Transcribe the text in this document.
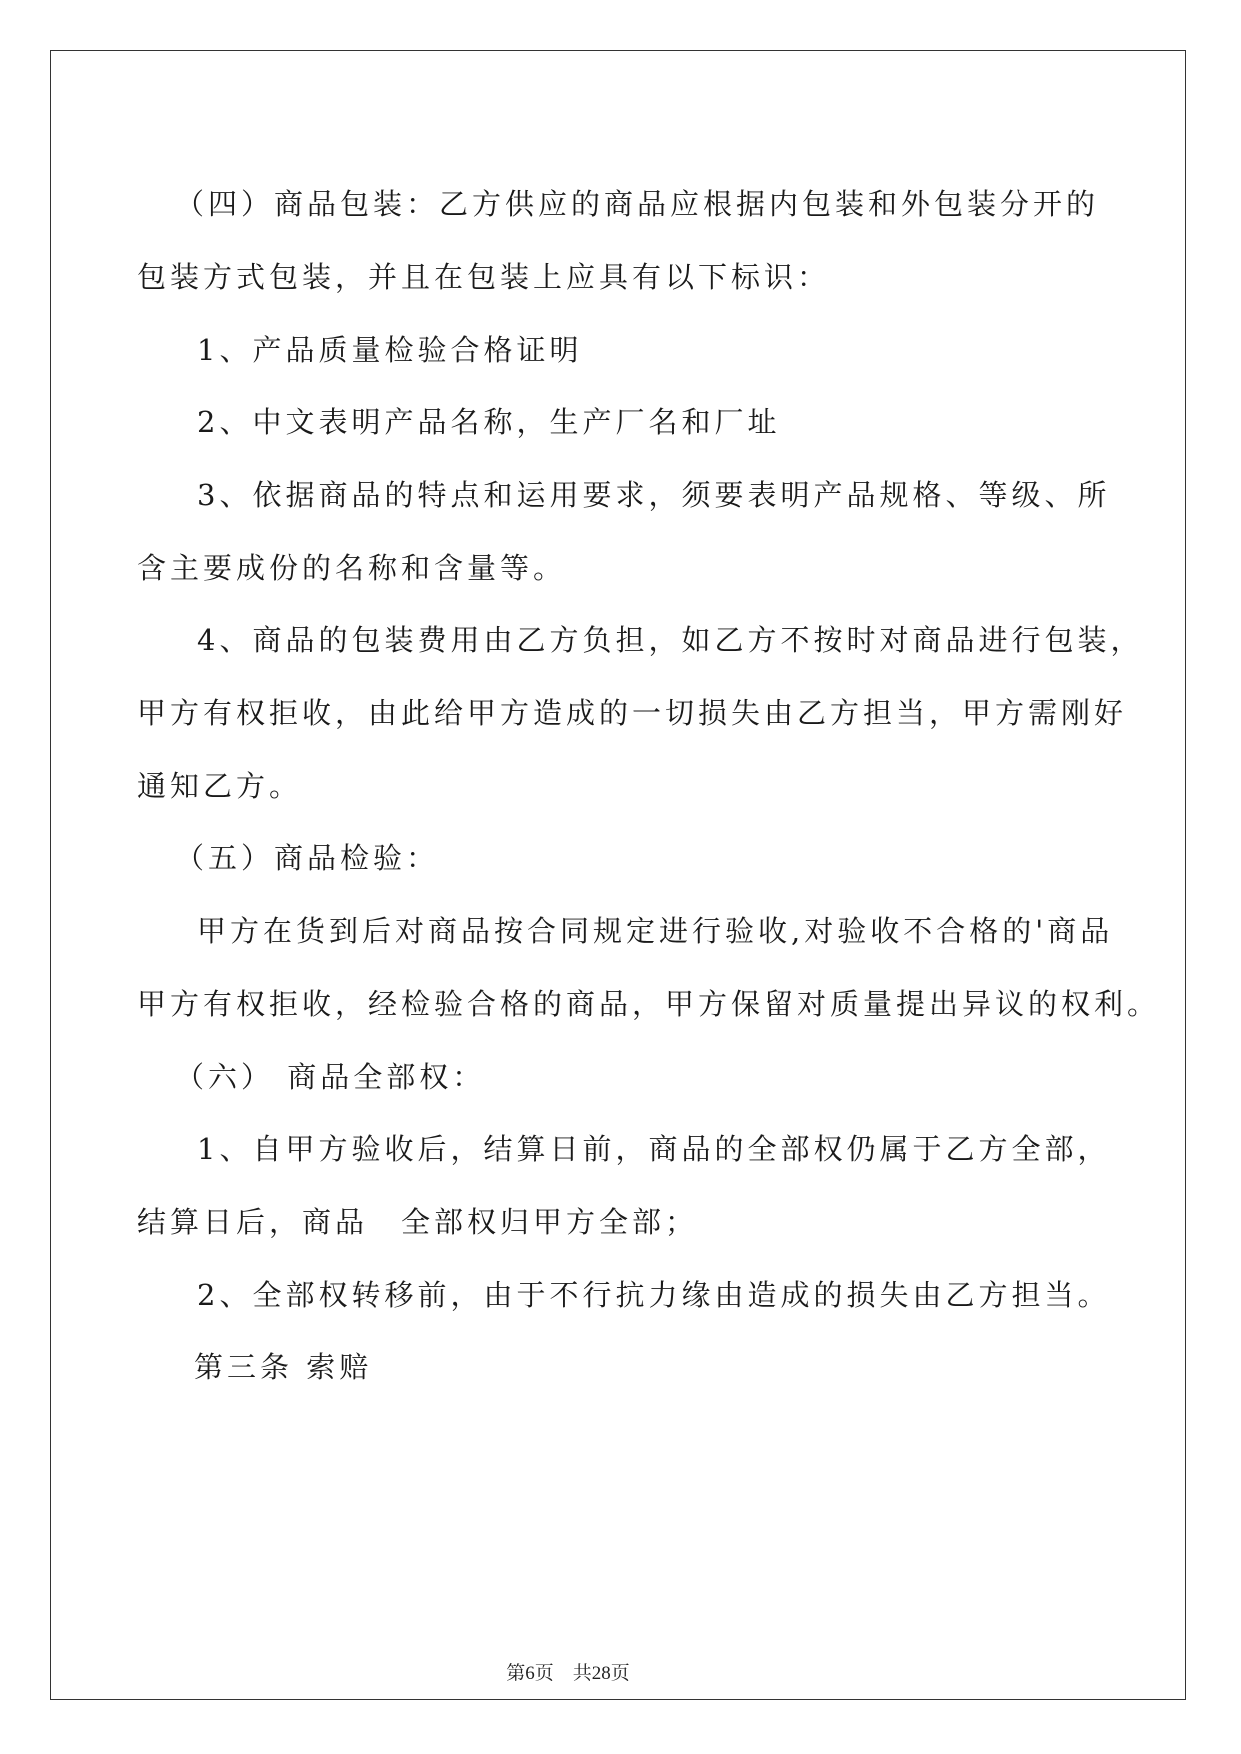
（四）商品包装：乙方供应的商品应根据内包装和外包装分开的
包装方式包装，并且在包装上应具有以下标识：
1、产品质量检验合格证明
2、中文表明产品名称，生产厂名和厂址
3、依据商品的特点和运用要求，须要表明产品规格、等级、所
含主要成份的名称和含量等。
4、商品的包装费用由乙方负担，如乙方不按时对商品进行包装，
甲方有权拒收，由此给甲方造成的一切损失由乙方担当，甲方需刚好
通知乙方。
（五）商品检验：
甲方在货到后对商品按合同规定进行验收,对验收不合格的'商品
甲方有权拒收，经检验合格的商品，甲方保留对质量提出异议的权利。
（六） 商品全部权：
1、自甲方验收后，结算日前，商品的全部权仍属于乙方全部，
结算日后，商品　全部权归甲方全部；
2、全部权转移前，由于不行抗力缘由造成的损失由乙方担当。
第三条 索赔
第6页　共28页
